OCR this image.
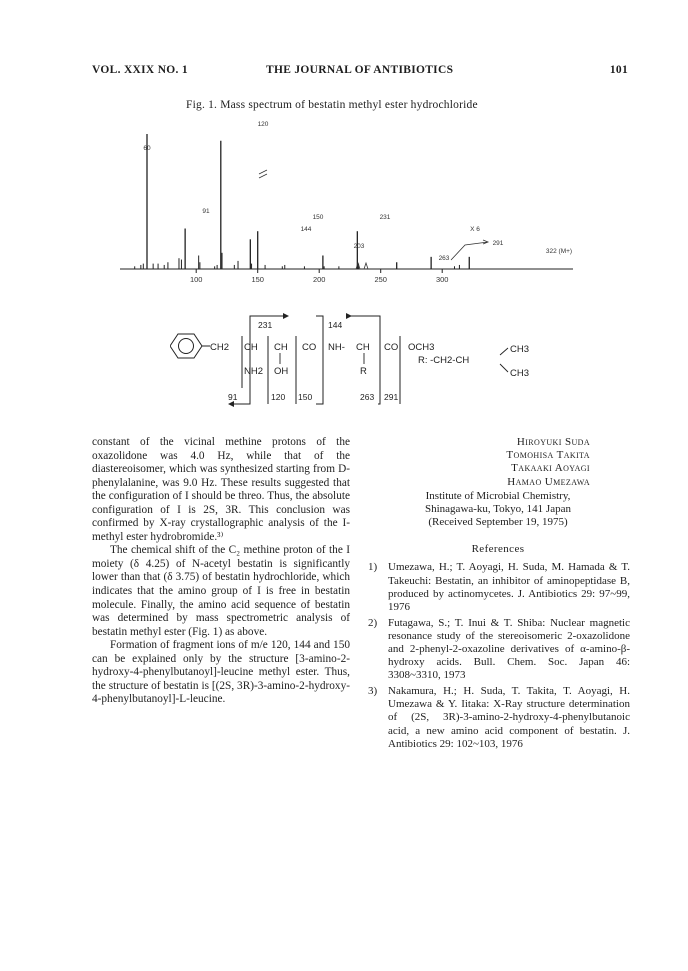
VOL. XXIX NO. 1	THE JOURNAL OF ANTIBIOTICS	101
Fig. 1. Mass spectrum of bestatin methyl ester hydrochloride
100	150	200	250	300
60
120
91
150
144
231
203
263
291
322 (M+)
X 6
CH2 CH CH CO NH- CH CO OCH3
NH2 OH	R
231	144
91	120 150	263 291
R: -CH2-CH
CH3
CH3

constant of the vicinal methine protons of the oxazolidone was 4.0 Hz, while that of the diastereoisomer, which was synthesized starting from D-phenylalanine, was 9.0 Hz. These results suggested that the configuration of I should be threo. Thus, the absolute configuration of I is 2S, 3R. This conclusion was confirmed by X-ray crystallographic analysis of the I-methyl ester hydrobromide.³⁾

The chemical shift of the C₂ methine proton of the I moiety (δ 4.25) of N-acetyl bestatin is significantly lower than that (δ 3.75) of bestatin hydrochloride, which indicates that the amino group of I is free in bestatin molecule. Finally, the amino acid sequence of bestatin was determined by mass spectrometric analysis of bestatin methyl ester (Fig. 1) as above.

Formation of fragment ions of m/e 120, 144 and 150 can be explained only by the structure [3-amino-2-hydroxy-4-phenylbutanoyl]-leucine methyl ester. Thus, the structure of bestatin is [(2S, 3R)-3-amino-2-hydroxy-4-phenylbutanoyl]-L-leucine.

Hiroyuki Suda
Tomohisa Takita
Takaaki Aoyagi
Hamao Umezawa
Institute of Microbial Chemistry,
Shinagawa-ku, Tokyo, 141 Japan
(Received September 19, 1975)
References
1) Umezawa, H.; T. Aoyagi, H. Suda, M. Hamada & T. Takeuchi: Bestatin, an inhibitor of aminopeptidase B, produced by actinomycetes. J. Antibiotics 29: 97~99, 1976
2) Futagawa, S.; T. Inui & T. Shiba: Nuclear magnetic resonance study of the stereoisomeric 2-oxazolidone and 2-phenyl-2-oxazoline derivatives of α-amino-β-hydroxy acids. Bull. Chem. Soc. Japan 46: 3308~3310, 1973
3) Nakamura, H.; H. Suda, T. Takita, T. Aoyagi, H. Umezawa & Y. Iitaka: X-Ray structure determination of (2S, 3R)-3-amino-2-hydroxy-4-phenylbutanoic acid, a new amino acid component of bestatin. J. Antibiotics 29: 102~103, 1976
